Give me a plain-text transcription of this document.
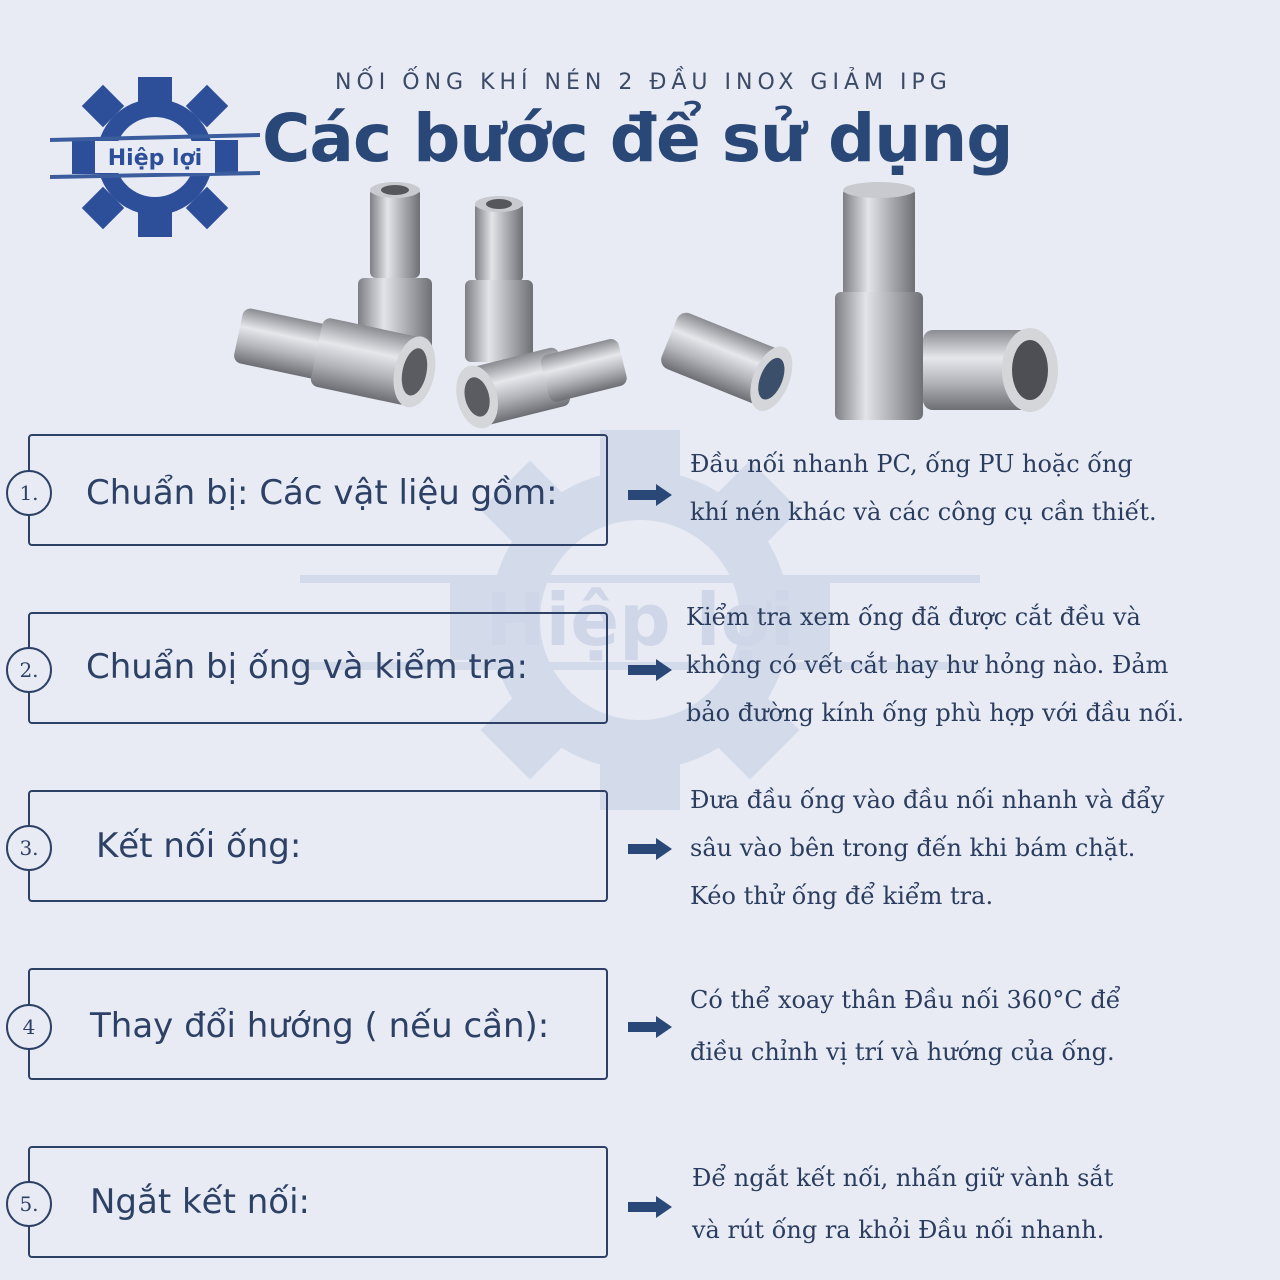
Hiệp lợi
Hiệp lợi
NỐI ỐNG KHÍ NÉN 2 ĐẦU INOX GIẢM IPG
Các bước để sử dụng
1.	Chuẩn bị: Các vật liệu gồm:
Đầu nối nhanh PC, ống PU hoặc ống
khí nén khác và các công cụ cần thiết.
2.	Chuẩn bị ống và kiểm tra:
Kiểm tra xem ống đã được cắt đều và
không có vết cắt hay hư hỏng nào. Đảm
bảo đường kính ống phù hợp với đầu nối.
3.	Kết nối ống:
Đưa đầu ống vào đầu nối nhanh và đẩy
sâu vào bên trong đến khi bám chặt.
Kéo thử ống để kiểm tra.
4	Thay đổi hướng ( nếu cần):
Có thể xoay thân Đầu nối 360°C để
điều chỉnh vị trí và hướng của ống.
5.	Ngắt kết nối:
Để ngắt kết nối, nhấn giữ vành sắt
và rút ống ra khỏi Đầu nối nhanh.
